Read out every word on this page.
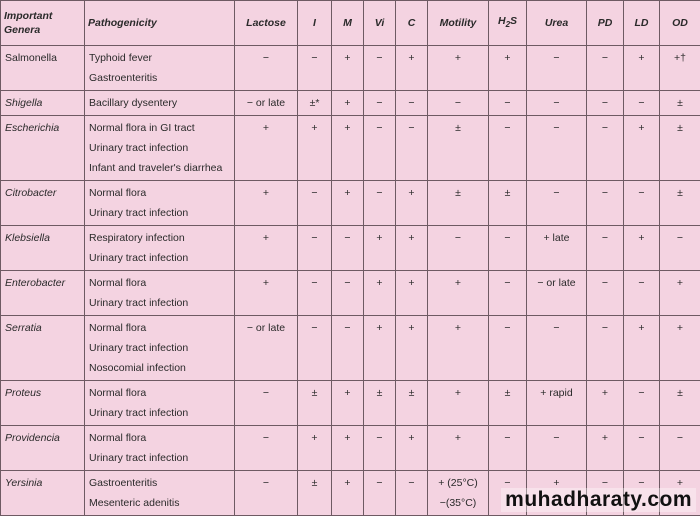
Important Genera	Pathogenicity	Lactose	I	M	Vi	C	Motility	$H_2S$	Urea	PD	LD	OD

Salmonella	Typhoid fever
Gastroenteritis	−	−	+	−	+	+	+	−	−	+	+†

Shigella	Bacillary dysentery	− or late	±*	+	−	−	−	−	−	−	−	±

Escherichia	Normal flora in GI tract
Urinary tract infection
Infant and traveler's diarrhea	+	+	+	−	−	±	−	−	−	+	±

Citrobacter	Normal flora
Urinary tract infection	+	−	+	−	+	±	±	−	−	−	±

Klebsiella	Respiratory infection
Urinary tract infection	+	−	−	+	+	−	−	+ late	−	+	−

Enterobacter	Normal flora
Urinary tract infection	+	−	−	+	+	+	−	− or late	−	−	+

Serratia	Normal flora
Urinary tract infection
Nosocomial infection	− or late	−	−	+	+	+	−	−	−	+	+

Proteus	Normal flora
Urinary tract infection	−	±	+	±	±	+	±	+ rapid	+	−	±

Providencia	Normal flora
Urinary tract infection	−	+	+	−	+	+	−	−	+	−	−

Yersinia	Gastroenteritis
Mesenteric adenitis	−	±	+	−	−	+ (25°C)
−(35°C)	−	+	−	−	+
muhadharaty.com
